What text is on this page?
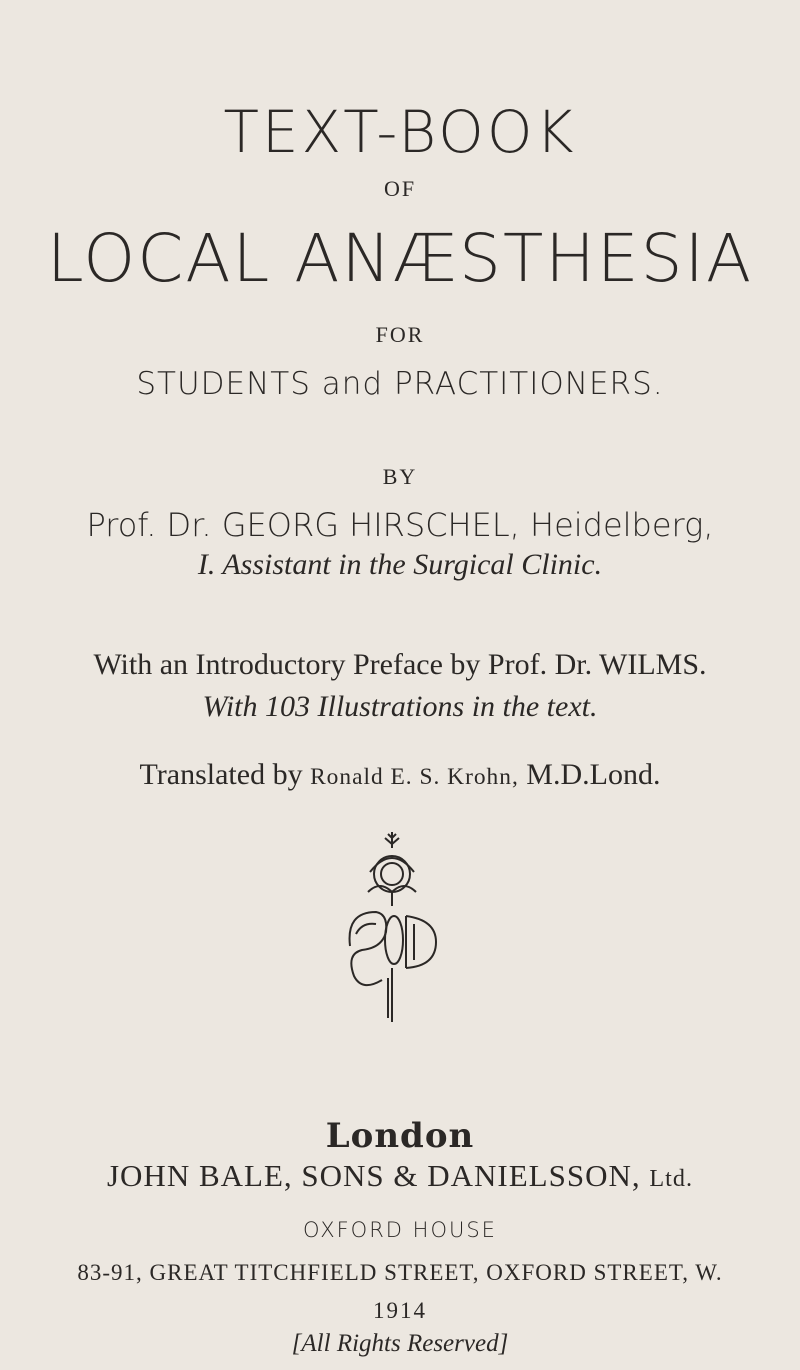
TEXT-BOOK
OF
LOCAL ANÆSTHESIA
FOR
STUDENTS and PRACTITIONERS.
BY
Prof. Dr. GEORG HIRSCHEL, Heidelberg,
I. Assistant in the Surgical Clinic.
With an Introductory Preface by Prof. Dr. WILMS.
With 103 Illustrations in the text.
Translated by Ronald E. S. Krohn, M.D.Lond.
London
JOHN BALE, SONS & DANIELSSON, Ltd.
OXFORD HOUSE
83-91, GREAT TITCHFIELD STREET, OXFORD STREET, W.
1914
[All Rights Reserved]
